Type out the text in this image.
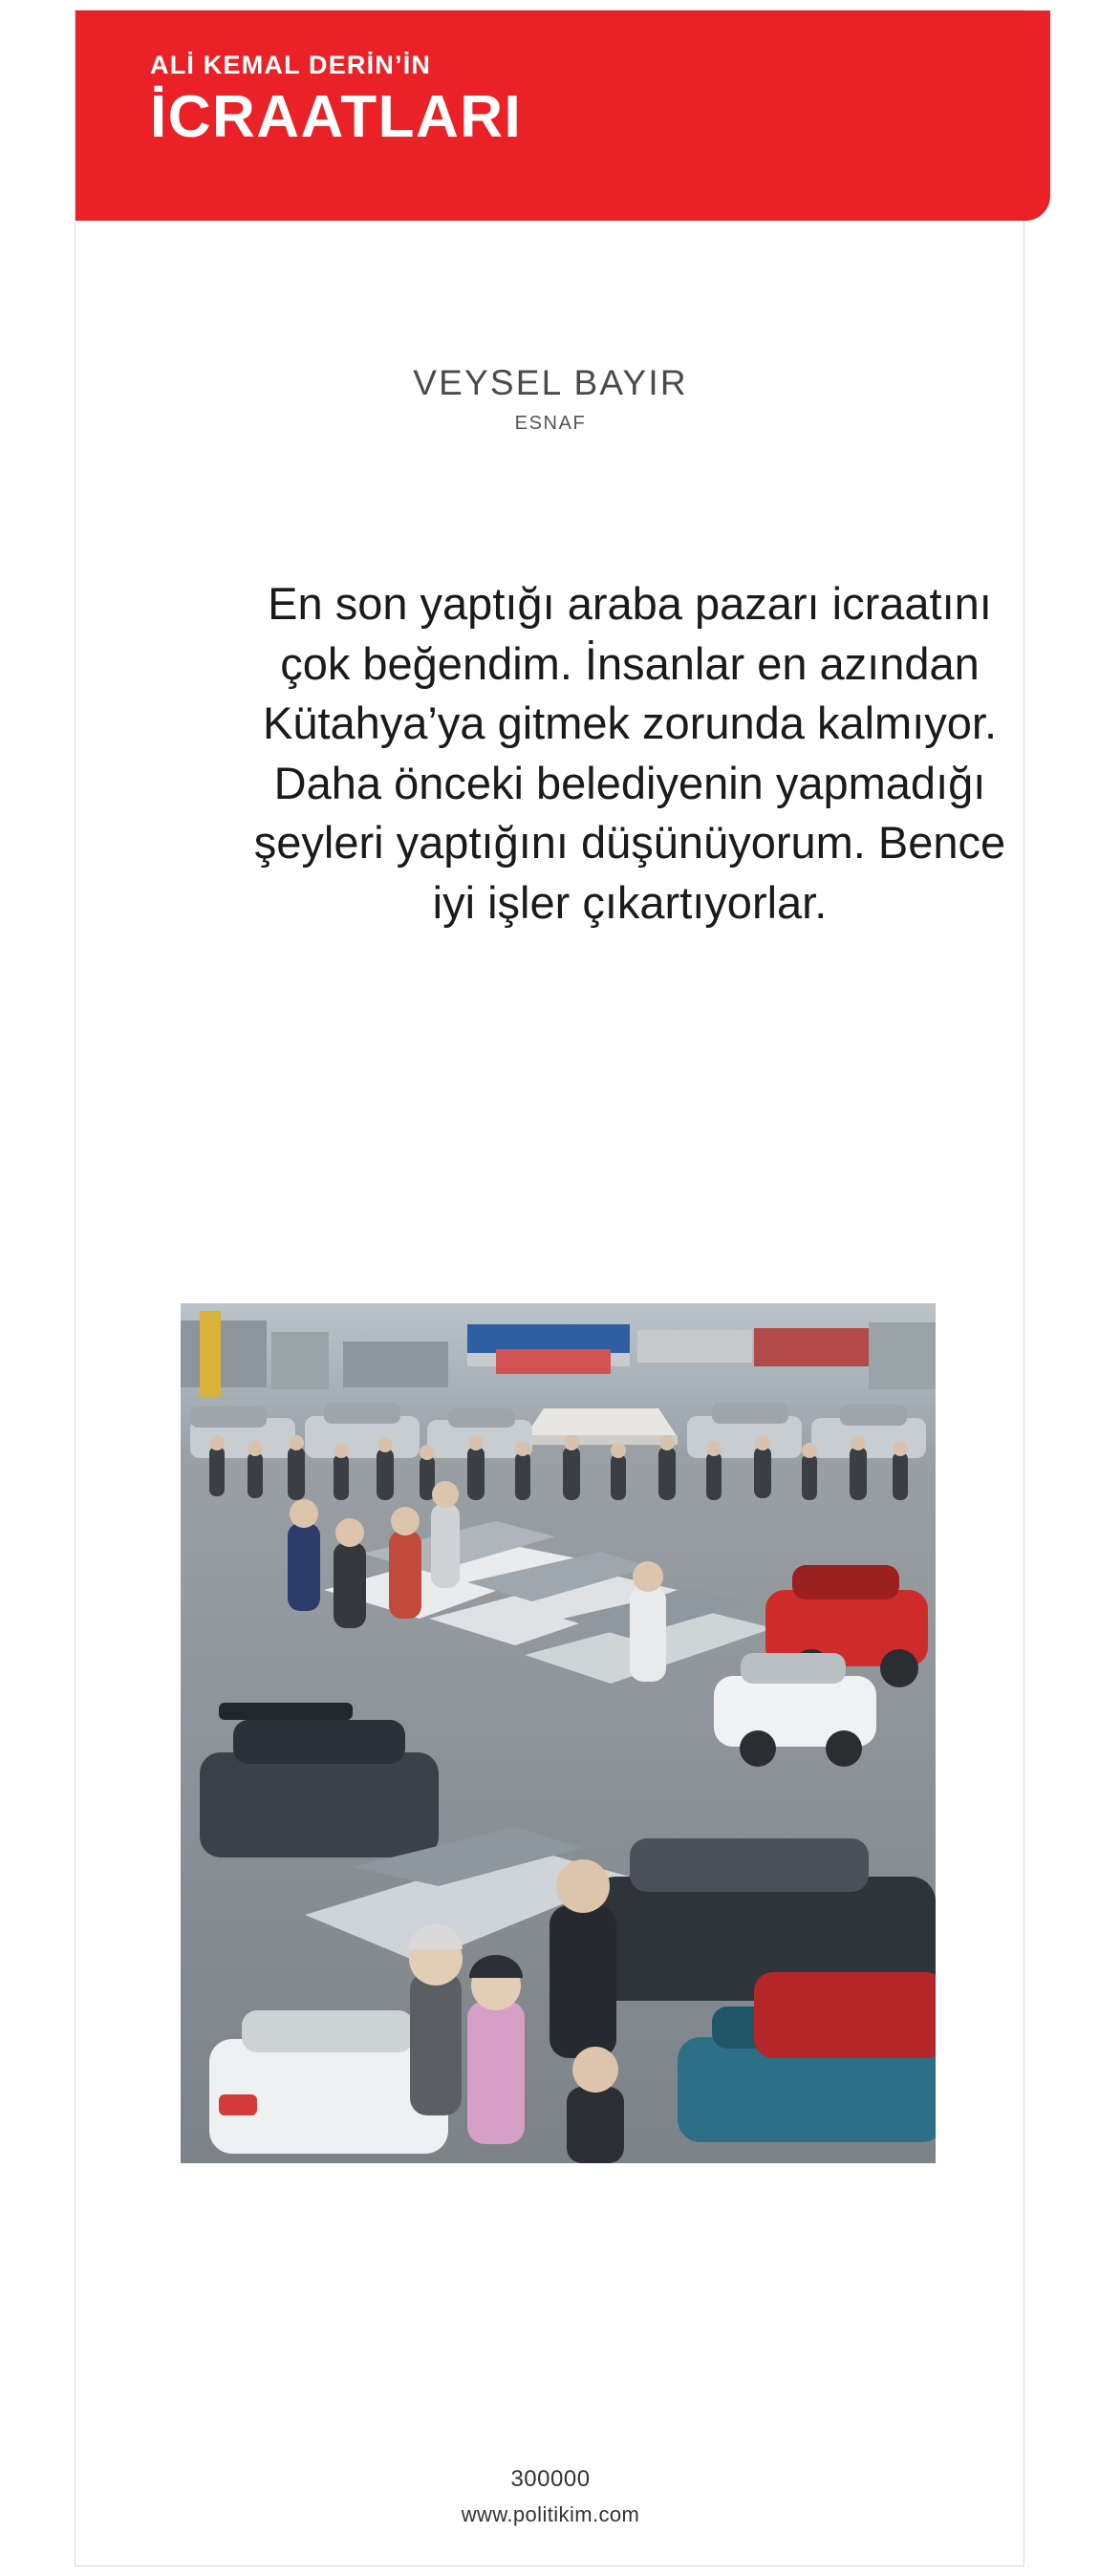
ALİ KEMAL DERİN’İN
İCRAATLARI
VEYSEL BAYIR
ESNAF
En son yaptığı araba pazarı icraatını çok beğendim. İnsanlar en azından Kütahya’ya gitmek zorunda kalmıyor. Daha önceki belediyenin yapmadığı şeyleri yaptığını düşünüyorum. Bence iyi işler çıkartıyorlar.
300000
www.politikim.com
